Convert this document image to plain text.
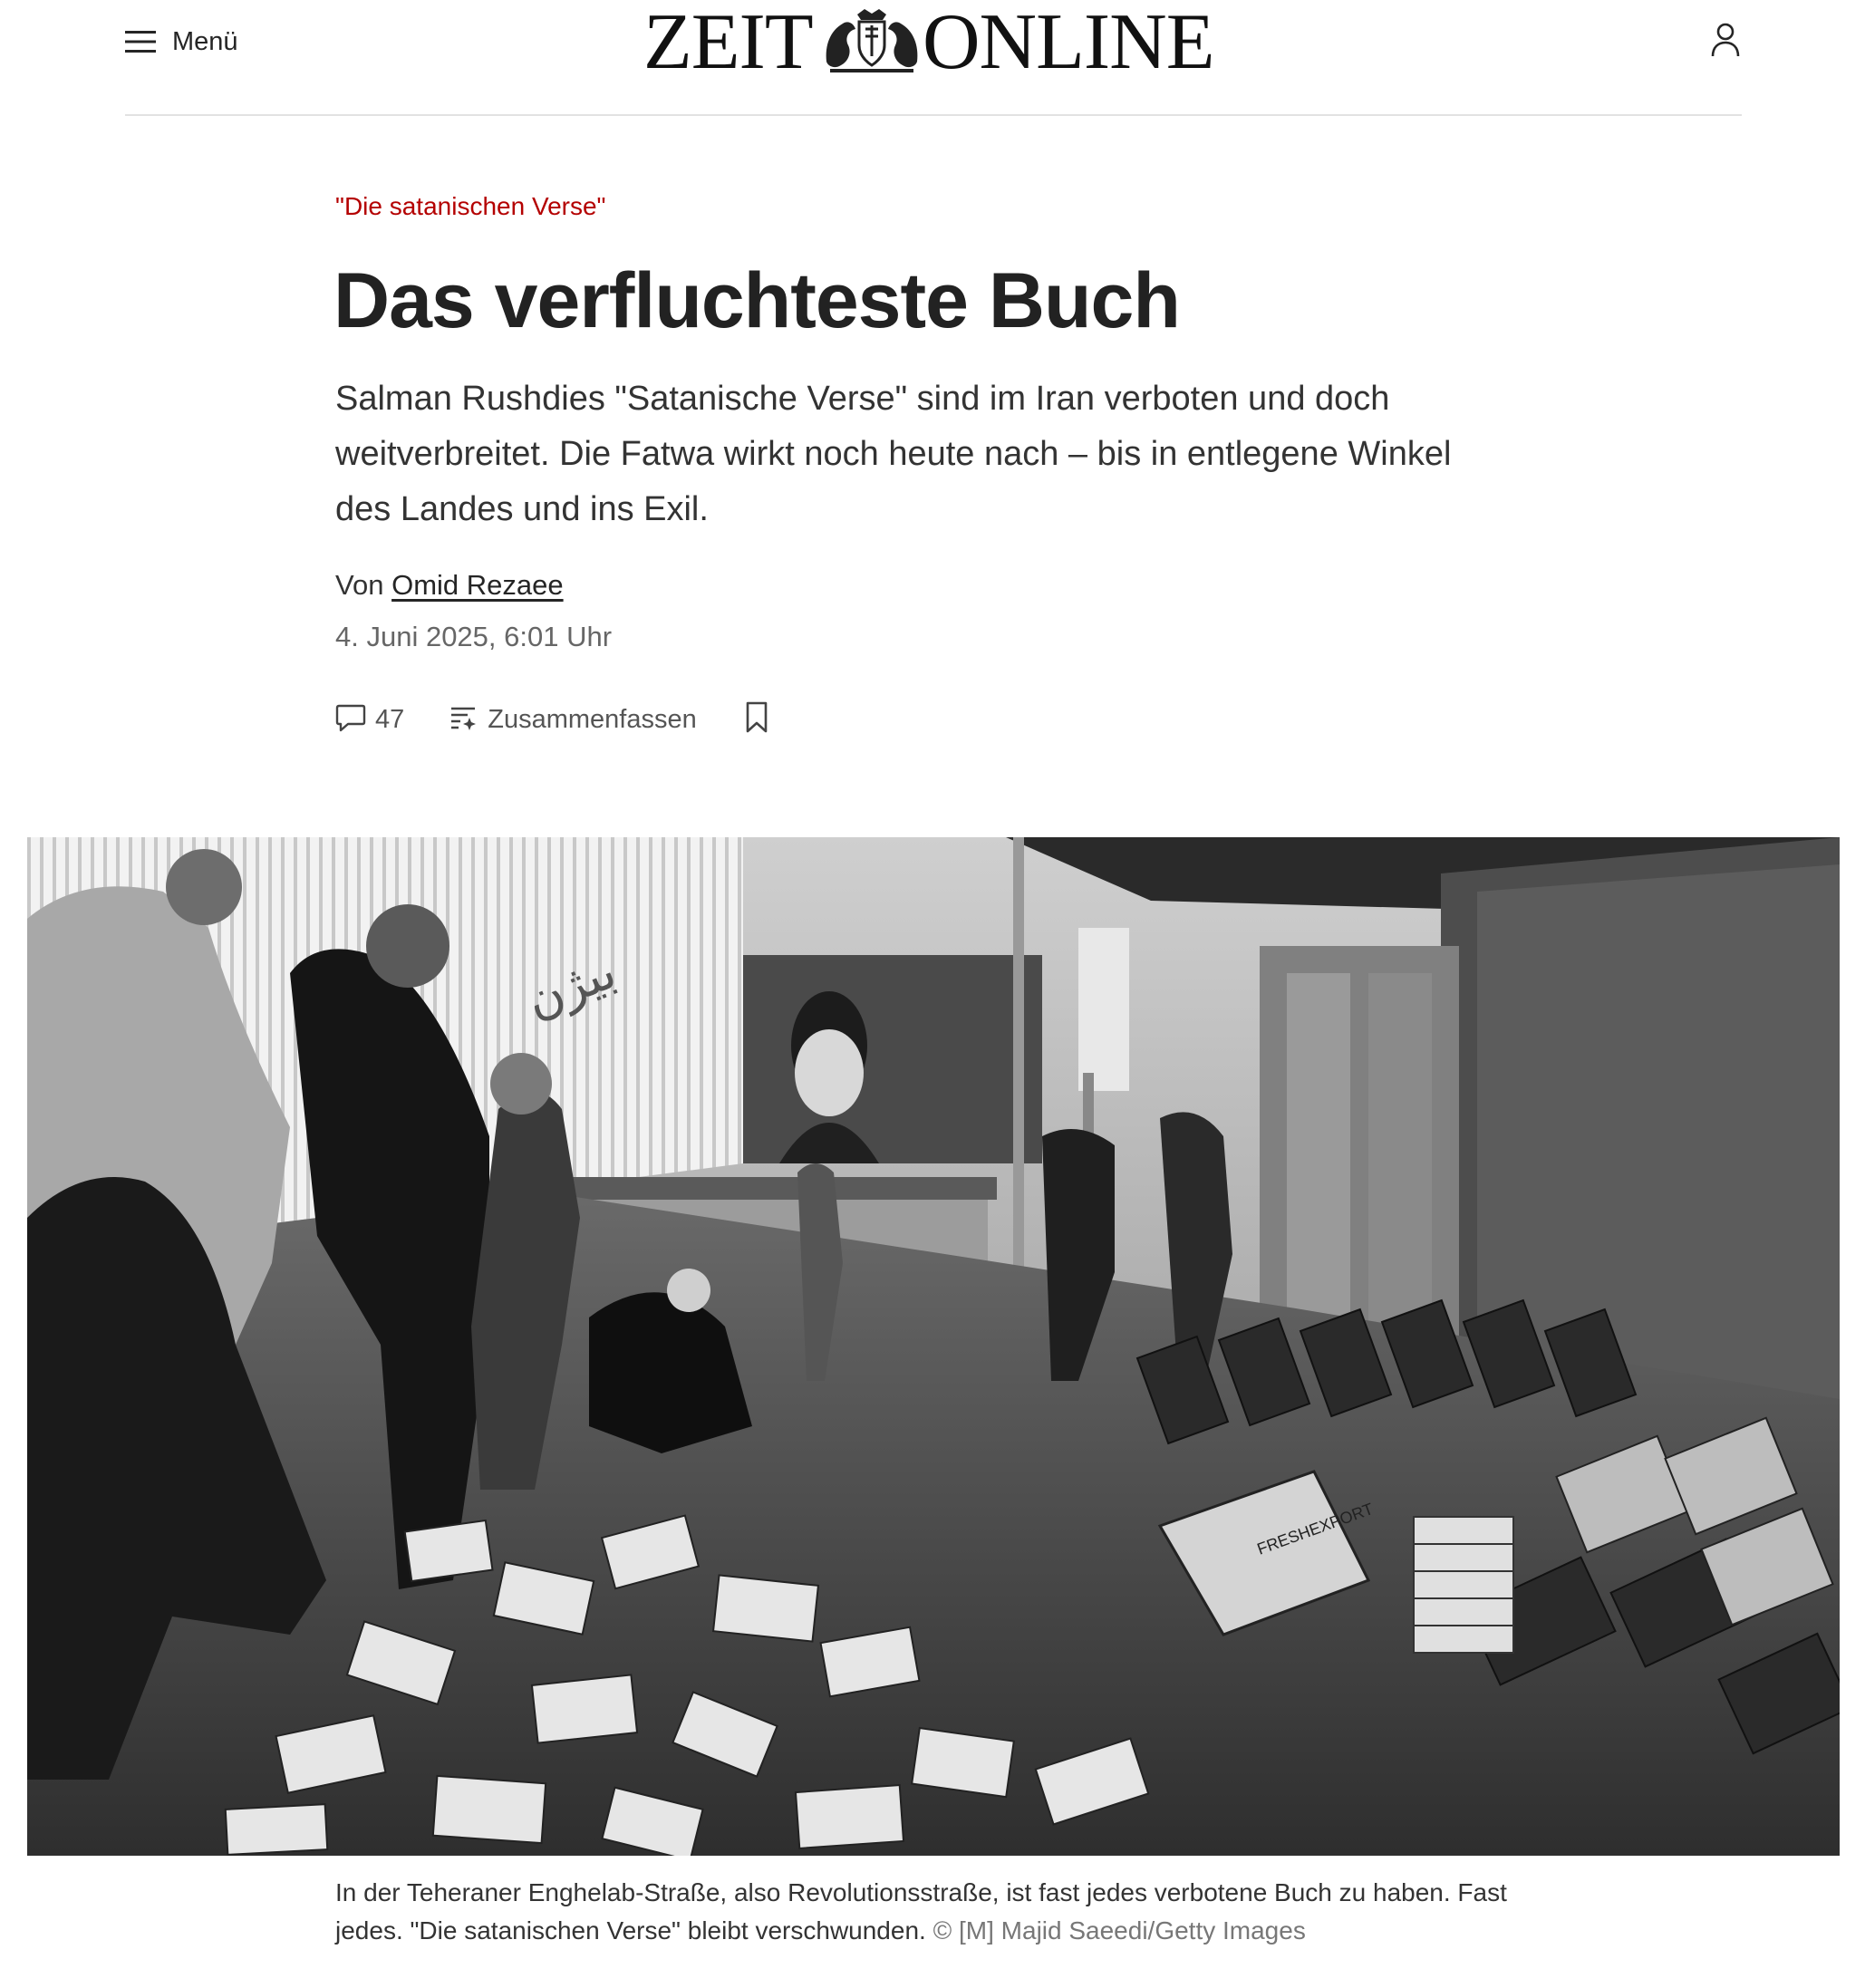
Menü	ZEIT ONLINE
"Die satanischen Verse"
Das verfluchteste Buch

Salman Rushdies "Satanische Verse" sind im Iran verboten und doch weitverbreitet. Die Fatwa wirkt noch heute nach – bis in entlegene Winkel des Landes und ins Exil.

Von Omid Rezaee
4. Juni 2025, 6:01 Uhr
47	Zusammenfassen
بیژن
FRESHEXPORT

In der Teheraner Enghelab-Straße, also Revolutionsstraße, ist fast jedes verbotene Buch zu haben. Fast jedes. "Die satanischen Verse" bleibt verschwunden. © [M] Majid Saeedi/Getty Images
